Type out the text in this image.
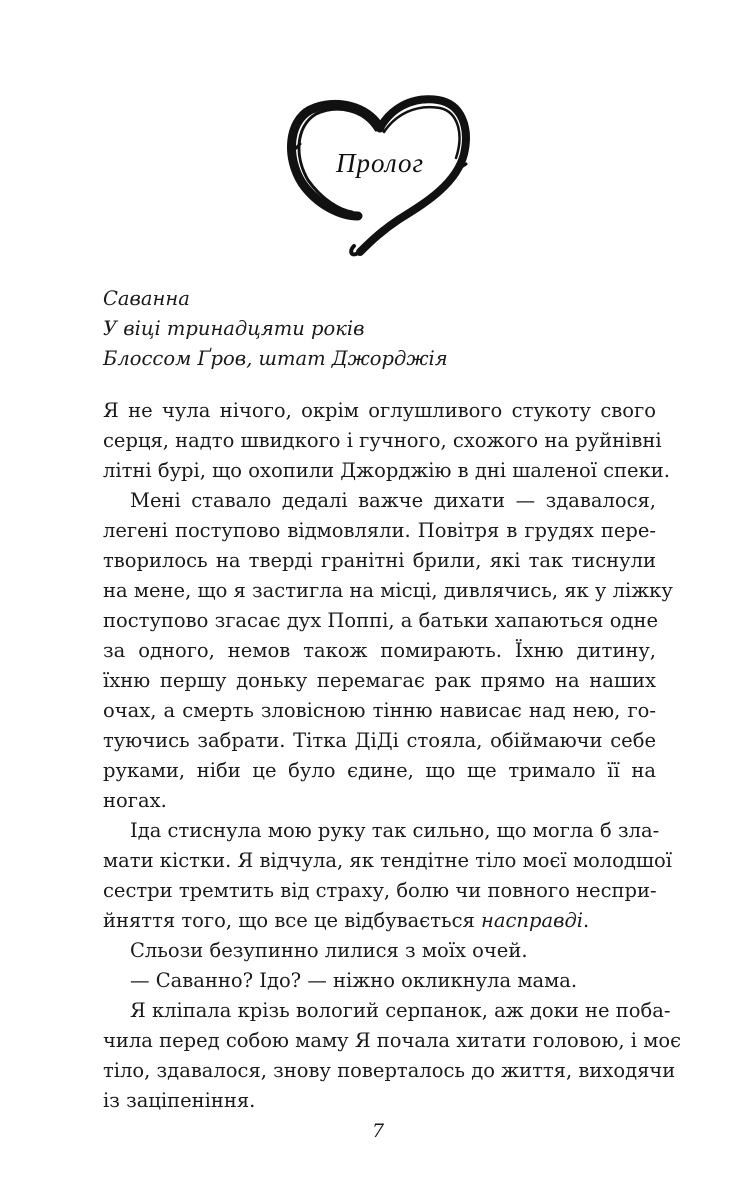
Пролог
Саванна
У віці тринадцяти років
Блоссом Ґров, штат Джорджія
Я не чула нічого, окрім оглушливого стукоту свого
серця, надто швидкого і гучного, схожого на руйнівні
літні бурі, що охопили Джорджію в дні шаленої спеки.
Мені ставало дедалі важче дихати — здавалося,
легені поступово відмовляли. Повітря в грудях пере-
творилось на тверді гранітні брили, які так тиснули
на мене, що я застигла на місці, дивлячись, як у ліжку
поступово згасає дух Поппі, а батьки хапаються одне
за одного, немов також помирають. Їхню дитину,
їхню першу доньку перемагає рак прямо на наших
очах, а смерть зловісною тінню нависає над нею, го-
туючись забрати. Тітка ДіДі стояла, обіймаючи себе
руками, ніби це було єдине, що ще тримало її на
ногах.
Іда стиснула мою руку так сильно, що могла б зла-
мати кістки. Я відчула, як тендітне тіло моєї молодшої
сестри тремтить від страху, болю чи повного неспри-
йняття того, що все це відбувається насправді.
Сльози безупинно лилися з моїх очей.
— Саванно? Ідо? — ніжно окликнула мама.
Я кліпала крізь вологий серпанок, аж доки не поба-
чила перед собою маму Я почала хитати головою, і моє
тіло, здавалося, знову поверталось до життя, виходячи
із заціпеніння.
7
